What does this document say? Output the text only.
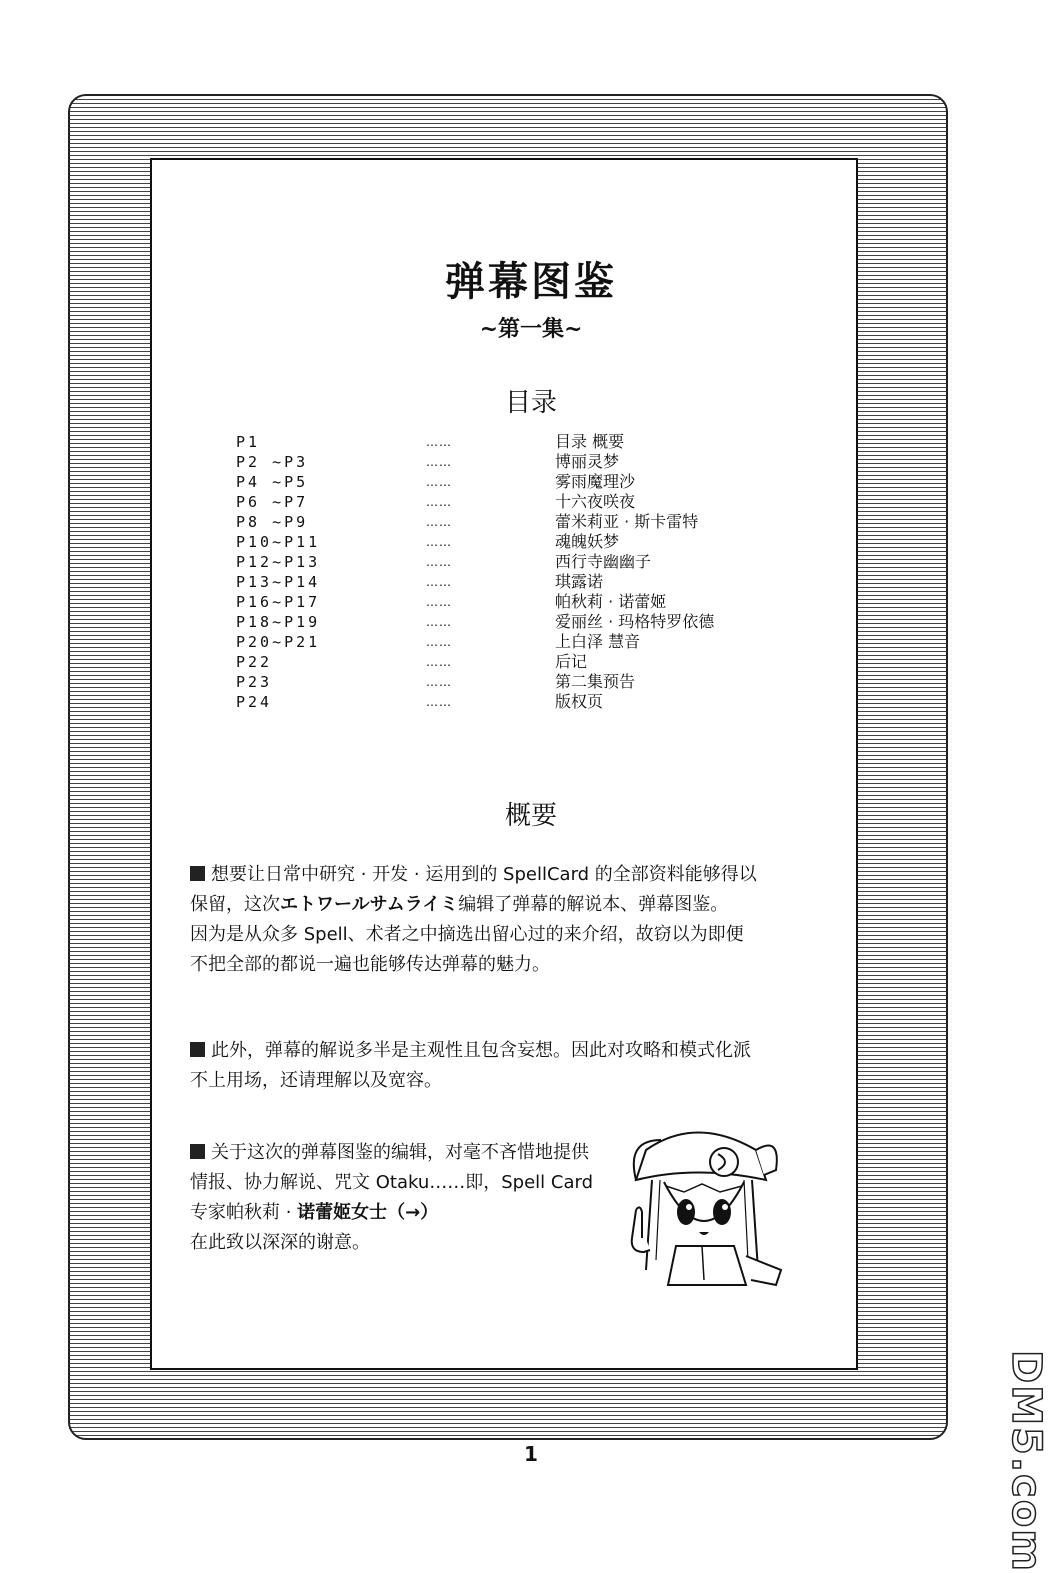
弹幕图鉴
~第一集~
目录
P1	……	目录 概要
P2 ~P3	……	博丽灵梦
P4 ~P5	……	雾雨魔理沙
P6 ~P7	……	十六夜咲夜
P8 ~P9	……	蕾米莉亚 · 斯卡雷特
P10~P11	……	魂魄妖梦
P12~P13	……	西行寺幽幽子
P13~P14	……	琪露诺
P16~P17	……	帕秋莉 · 诺蕾姬
P18~P19	……	爱丽丝 · 玛格特罗依德
P20~P21	……	上白泽 慧音
P22	……	后记
P23	……	第二集预告
P24	……	版权页
概要
想要让日常中研究 · 开发 · 运用到的 SpellCard 的全部资料能够得以
保留，这次エトワールサムライミ编辑了弹幕的解说本、弹幕图鉴。
因为是从众多 Spell、术者之中摘选出留心过的来介绍，故窃以为即便
不把全部的都说一遍也能够传达弹幕的魅力。
此外，弹幕的解说多半是主观性且包含妄想。因此对攻略和模式化派
不上用场，还请理解以及宽容。
关于这次的弹幕图鉴的编辑，对毫不吝惜地提供
情报、协力解说、咒文 Otaku……即，Spell Card
专家帕秋莉 · 诺蕾姬女士（→）
在此致以深深的谢意。
1	DM5.com
